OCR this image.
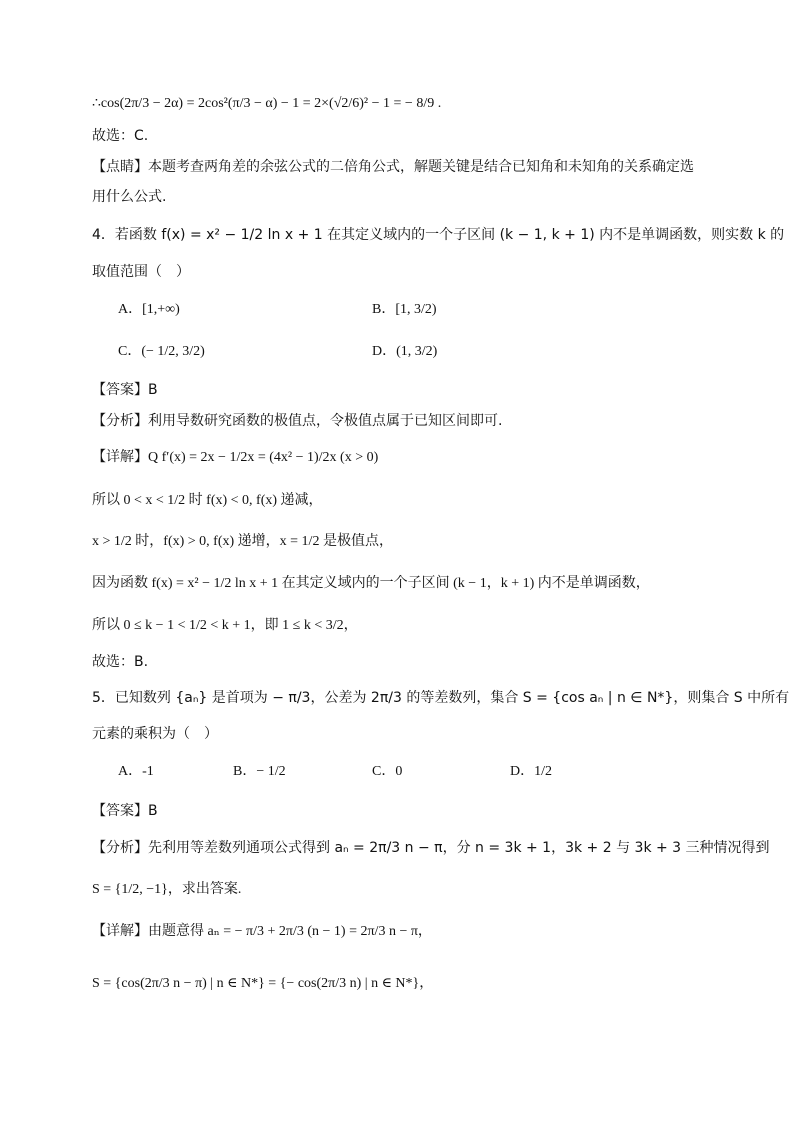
∴cos(2π/3 − 2α) = 2cos²(π/3 − α) − 1 = 2×(√2/6)² − 1 = − 8/9 .
故选：C.
【点睛】本题考查两角差的余弦公式的二倍角公式，解题关键是结合已知角和未知角的关系确定选
用什么公式.
4．若函数 f(x) = x² − 1/2 ln x + 1 在其定义域内的一个子区间 (k − 1, k + 1) 内不是单调函数，则实数 k 的
取值范围（　）
A．[1,+∞)	B．[1, 3/2)
C．(− 1/2, 3/2)	D．(1, 3/2)
【答案】B
【分析】利用导数研究函数的极值点，令极值点属于已知区间即可.
【详解】Q f′(x) = 2x − 1/2x = (4x² − 1)/2x (x > 0)
所以 0 < x < 1/2 时 f(x) < 0, f(x) 递减，
x > 1/2 时，f(x) > 0, f(x) 递增，x = 1/2 是极值点，
因为函数 f(x) = x² − 1/2 ln x + 1 在其定义域内的一个子区间 (k − 1，k + 1) 内不是单调函数，
所以 0 ≤ k − 1 < 1/2 < k + 1，即 1 ≤ k < 3/2，
故选：B.
5．已知数列 {aₙ} 是首项为 − π/3，公差为 2π/3 的等差数列，集合 S = {cos aₙ | n ∈ N*}，则集合 S 中所有
元素的乘积为（　）
A．-1	B．− 1/2	C．0	D．1/2
【答案】B
【分析】先利用等差数列通项公式得到 aₙ = 2π/3 n − π，分 n = 3k + 1，3k + 2 与 3k + 3 三种情况得到
S = {1/2, −1}，求出答案.
【详解】由题意得 aₙ = − π/3 + 2π/3 (n − 1) = 2π/3 n − π，
S = {cos(2π/3 n − π) | n ∈ N*} = {− cos(2π/3 n) | n ∈ N*}，
